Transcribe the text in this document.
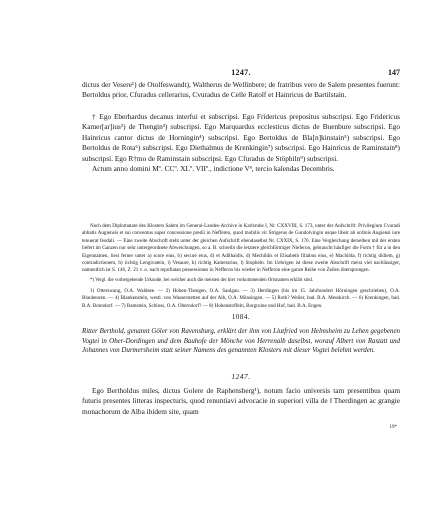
1247.	147

dictus der Vesere¹) de Otolfeswandt), Waltherus de Wellinbere; de fratribus vero de Salem presentes fuerunt: Bertoldus prior, Cfuradus cellerarius, Cvuradus de Celle Ratolf et Hainricus de Bartilstain.

† Ego Eberhardus decanus interfui et subscripsi. Ego Fridericus prepositus subscripsi. Ego Fridericus Kamer[ar]ius²) de Thengin³) subscripsi. Ego Marquardus ecclesticus dictus de Buenbure subscripsi. Ego Hainricus cantor dictus de Horningin⁴) subscripsi. Ego Bertoldus de Bla[n]kinstain⁵) subscripsi. Ego Bertoldus de Rota⁶) subscripsi. Ego Diethalmus de Krenkingin⁷) subscripsi. Ego Hainricus de Raminstain⁸) subscripsi. Ego R†mo de Raminstain subscripsi. Ego Cfuradus de Stöphiln⁹) subscripsi.

Actum anno domini Mº. CCº. XLº. VIIº., indictione Vª, tercio kalendas Decembris.

Nach dem Diplomatare des Klosters Salem im General-Landes-Archive in Karlsruhe I, Nr. CXXVIII, S. 173, unter der Aufschrift: Privilegium Cvuradi abbatis Augiensis et sui conventus super concessione predii in Nefferen, quod mobilis vir Strigerus de Gundolvingin usque libeir ab ordinis Augiensi iure tenuerat feodali. — Eine zweite Abschrift steht unter der gleichen Aufschrift ebendaselbst Nr. CXXIX, S. 176. Eine Vergleichung derselben mit der ersten liefert im Ganzen nur sehr untergeordnete Abweichungen, so a. B. schreibt die letztere gleichförmiger Nieferon, gebraucht häufiger die Form † für a in den Eigennamen, liest ferner unter a) score eius, b) secure eius, d) et Adilhaidis, d) Mechildis et Elisabeth filiabus eius, e) Machilda, f) richtig didiem, g) contradictionem, h) richtig Lengivatein, i) Vesaure, k) richtig Kamerarius, l) Stopheln. Im Uebrigen ist diese zweite Abschrift meist viel nachlässiger, namentlich ist S. 146, Z. 21 v. o. nach repofiatan possessiones in Nefferon bis wieder in Nefferon eine ganze Reihe von Zeilen übersprungen.

*) Vergl. die vorhergehende Urkunde, bei welcher auch die meisten der hier vorkommenden Ortsnamen erklärt sind.

1) Otterswang, O.A. Waldsee. — 2) Hohen-Thengen, O.A. Saulgau. — 3) Herdingen (bis im 15. Jahrhundert Hörningen geschrieben), O.A. Blaubeuren. — 4) Blankenstein, westl. von Wasserstetten auf der Alb, O.A. Münsingen. — 5) Roth? Weiler, bad. B.A. Messkirch. — 6) Krenkingen, bad. B.A. Bonndorf. — 7) Ramstein, Schloss, O.A. Oberndorf? — 8) Hohenstoffeln, Burgruine und Hof, bad. B.A. Engen.

1084.

Ritter Berthold, genannt Göler von Ravensburg, erklärt der ihm von Liutfried von Helmsheim zu Lehen gegebenen Vogtei in Ober-Dordingen und dem Bauhofe der Mönche von Herrenalb daselbst, worauf Albert von Rastatt und Johannes von Durmersheim statt seiner Namens des genannten Klosters mit dieser Vogtei belehnt werden.

1247.

Ego Bertholdus miles, dictus Golere de Raphensberg¹), notum facio universis tam presentibus quam futuris presentes litteras inspecturis, quod renuntiavi advocacie in superiori villa de ‖ Therdingen ac grangie monachorum de Alba ibidem site, quam

19*
